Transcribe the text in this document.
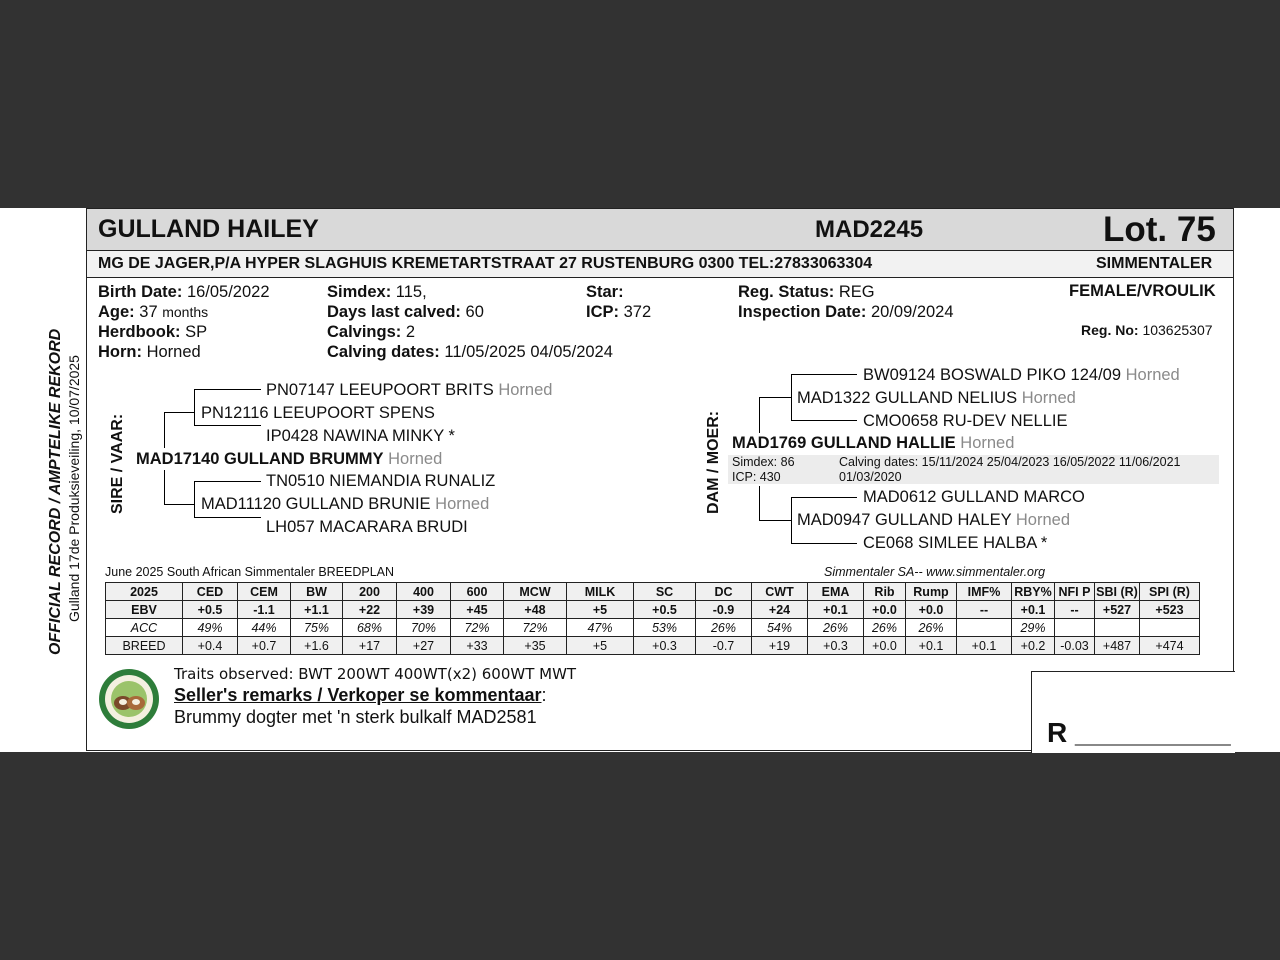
GULLAND HAILEY	MAD2245	Lot. 75
MG DE JAGER,P/A HYPER SLAGHUIS KREMETARTSTRAAT 27 RUSTENBURG 0300 TEL:27833063304	SIMMENTALER
OFFICIAL RECORD / AMPTELIKE REKORD Gulland 17de Produksieveiling, 10/07/2025
Birth Date: 16/05/2022
Age: 37 months
Herdbook: SP
Horn: Horned
Simdex: 115,
Days last calved: 60
Calvings: 2
Calving dates: 11/05/2025 04/05/2024
Star:
ICP: 372
Reg. Status: REG
Inspection Date: 20/09/2024
FEMALE/VROULIK
Reg. No: 103625307
SIRE / VAAR:
PN07147 LEEUPOORT BRITS Horned
PN12116 LEEUPOORT SPENS
IP0428 NAWINA MINKY *
MAD17140 GULLAND BRUMMY Horned
TN0510 NIEMANDIA RUNALIZ
MAD11120 GULLAND BRUNIE Horned
LH057 MACARARA BRUDI
DAM / MOER:
BW09124 BOSWALD PIKO 124/09 Horned
MAD1322 GULLAND NELIUS Horned
CMO0658 RU-DEV NELLIE
MAD1769 GULLAND HALLIE Horned
Simdex: 86
ICP: 430
Calving dates: 15/11/2024 25/04/2023 16/05/2022 11/06/2021
01/03/2020
MAD0612 GULLAND MARCO
MAD0947 GULLAND HALEY Horned
CE068 SIMLEE HALBA *
June 2025 South African Simmentaler BREEDPLAN	Simmentaler SA-- www.simmentaler.org
2025	CED	CEM	BW	200	400	600	MCW	MILK	SC	DC	CWT	EMA	Rib	Rump	IMF%	RBY%	NFI P	SBI (R)	SPI (R)
EBV	+0.5	-1.1	+1.1	+22	+39	+45	+48	+5	+0.5	-0.9	+24	+0.1	+0.0	+0.0	--	+0.1	--	+527	+523
ACC	49%	44%	75%	68%	70%	72%	72%	47%	53%	26%	54%	26%	26%	26%		29%			
BREED	+0.4	+0.7	+1.6	+17	+27	+33	+35	+5	+0.3	-0.7	+19	+0.3	+0.0	+0.1	+0.1	+0.2	-0.03	+487	+474
Traits observed: BWT 200WT 400WT(x2) 600WT MWT
Seller's remarks / Verkoper se kommentaar:
Brummy dogter met 'n sterk bulkalf MAD2581	R __________
